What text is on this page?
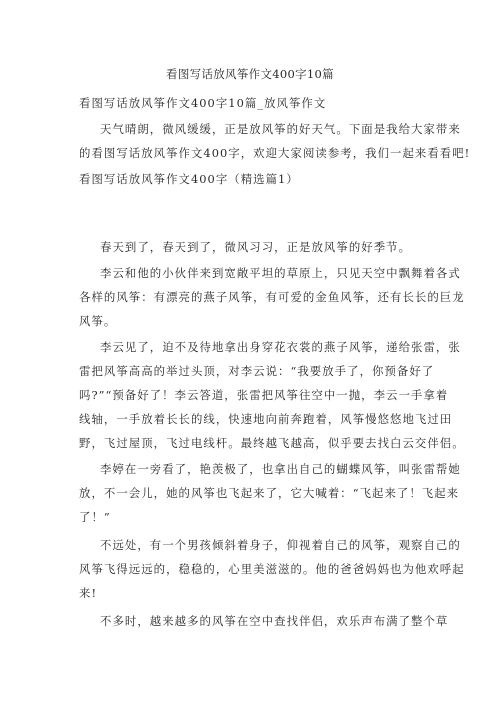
看图写话放风筝作文400字10篇
看图写话放风筝作文400字10篇_放风筝作文
天气晴朗，微风缓缓，正是放风筝的好天气。下面是我给大家带来
的看图写话放风筝作文400字，欢迎大家阅读参考，我们一起来看看吧!
看图写话放风筝作文400字（精选篇1）
春天到了，春天到了，微风习习，正是放风筝的好季节。
李云和他的小伙伴来到宽敞平坦的草原上，只见天空中飘舞着各式
各样的风筝：有漂亮的燕子风筝，有可爱的金鱼风筝，还有长长的巨龙
风筝。
李云见了，迫不及待地拿出身穿花衣裳的燕子风筝，递给张雷，张
雷把风筝高高的举过头顶，对李云说：“我要放手了，你预备好了
吗?”“预备好了！李云答道，张雷把风筝往空中一抛，李云一手拿着
线轴，一手放着长长的线，快速地向前奔跑着，风筝慢悠悠地飞过田
野，飞过屋顶，飞过电线杆。最终越飞越高，似乎要去找白云交伴侣。
李婷在一旁看了，艳羡极了，也拿出自己的蝴蝶风筝，叫张雷帮她
放，不一会儿，她的风筝也飞起来了，它大喊着：“飞起来了！飞起来
了！”
不远处，有一个男孩倾斜着身子，仰视着自己的风筝，观察自己的
风筝飞得远远的，稳稳的，心里美滋滋的。他的爸爸妈妈也为他欢呼起
来!
不多时，越来越多的风筝在空中查找伴侣，欢乐声布满了整个草
